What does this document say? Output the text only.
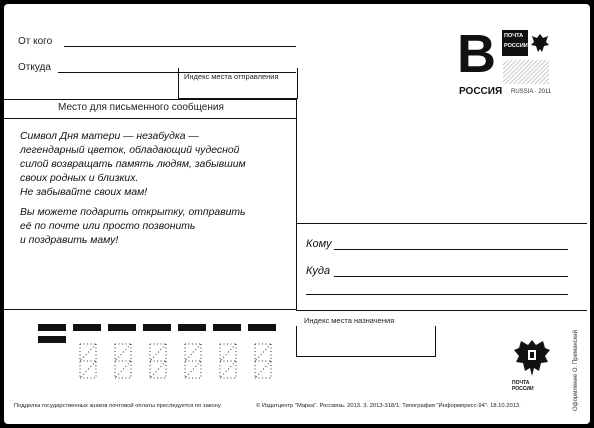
От кого
Откуда
Индекс места отправления	В ПОЧТА
РОССИИ
РОССИЯ RUSSIA · 2011
Место для письменного сообщения
Символ Дня матери — незабудка —
легендарный цветок, обладающий чудесной
силой возвращать память людям, забывшим
своих родных и близких.
Не забывайте своих мам!
Вы можете подарить открытку, отправить
её по почте или просто позвонить
и поздравить маму!	Кому
Куда
Индекс места назначения
ПОЧТА РОССИИ	Оформление О. Преманский
Подделка государственных знаков почтовой оплаты преследуется по закону	© Издатцентр "Марка". Россвязь. 2013. 3. 2013-318/1. Типография "Информпресс-94". 18.10.2013.
